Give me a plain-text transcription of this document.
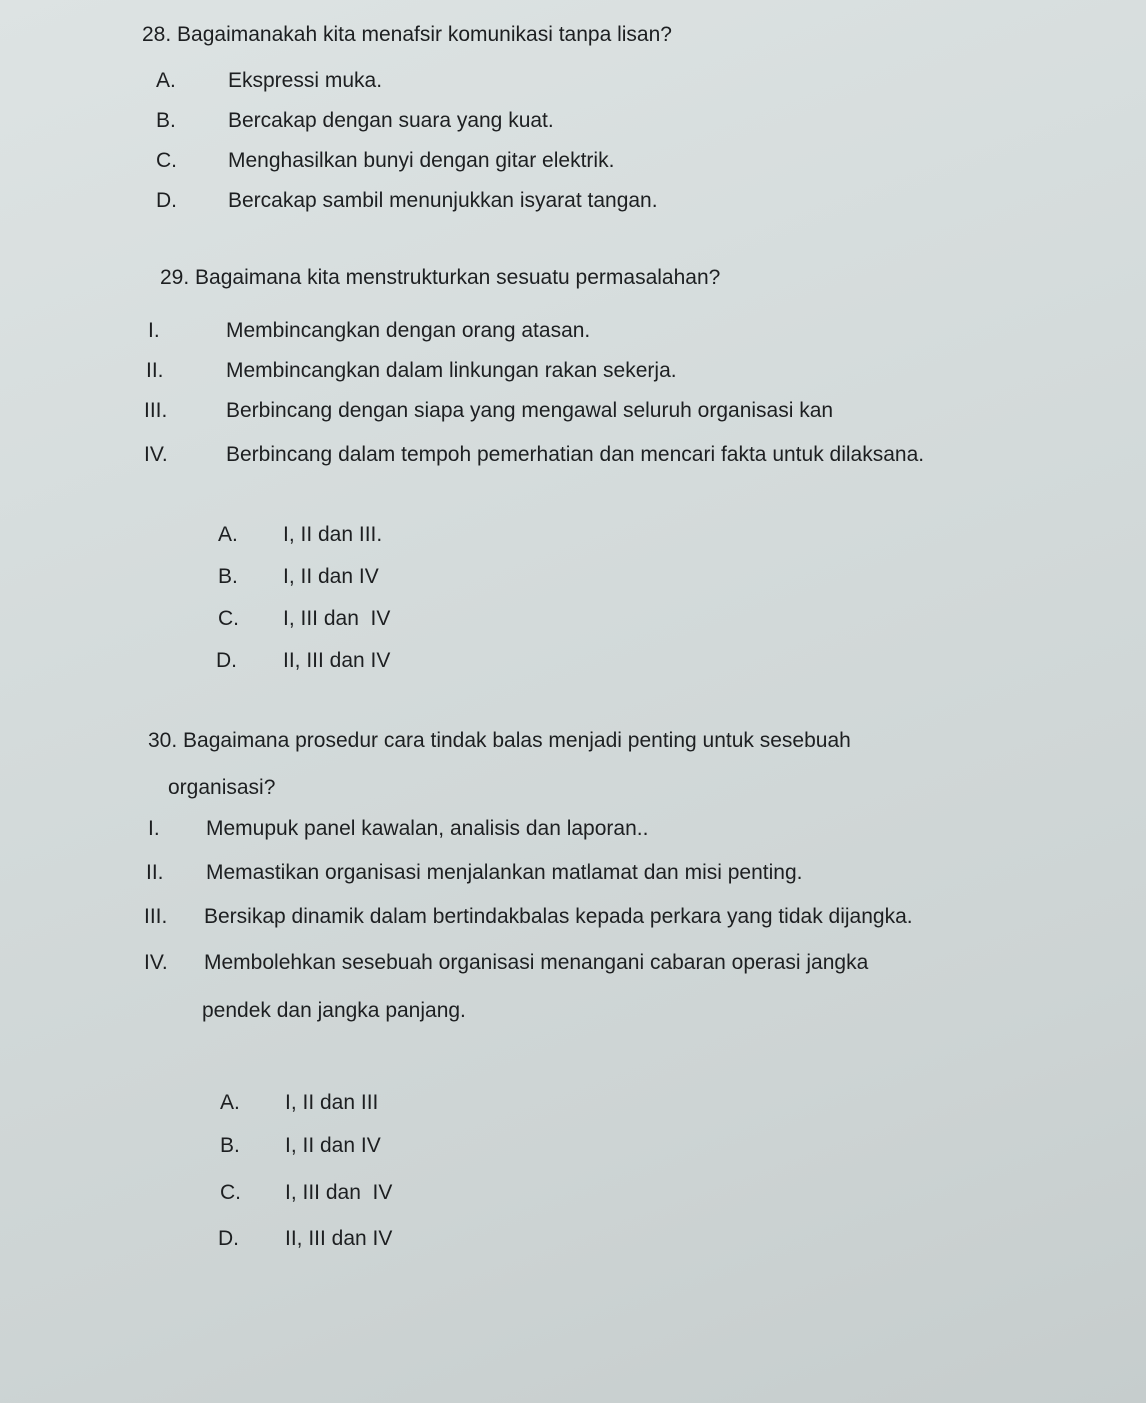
28. Bagaimanakah kita menafsir komunikasi tanpa lisan?
A. Ekspressi muka.
B. Bercakap dengan suara yang kuat.
C. Menghasilkan bunyi dengan gitar elektrik.
D. Bercakap sambil menunjukkan isyarat tangan.
29. Bagaimana kita menstrukturkan sesuatu permasalahan?
I.	Membincangkan dengan orang atasan.
II.	Membincangkan dalam linkungan rakan sekerja.
III.	Berbincang dengan siapa yang mengawal seluruh organisasi kan
IV.	Berbincang dalam tempoh pemerhatian dan mencari fakta untuk dilaksana.
A. I, II dan III.
B. I, II dan IV
C. I, III dan  IV
D. II, III dan IV
30. Bagaimana prosedur cara tindak balas menjadi penting untuk sesebuah
organisasi?
I. Memupuk panel kawalan, analisis dan laporan..
II. Memastikan organisasi menjalankan matlamat dan misi penting.
III. Bersikap dinamik dalam bertindakbalas kepada perkara yang tidak dijangka.
IV. Membolehkan sesebuah organisasi menangani cabaran operasi jangka
pendek dan jangka panjang.
A. I, II dan III
B. I, II dan IV
C. I, III dan  IV
D. II, III dan IV
